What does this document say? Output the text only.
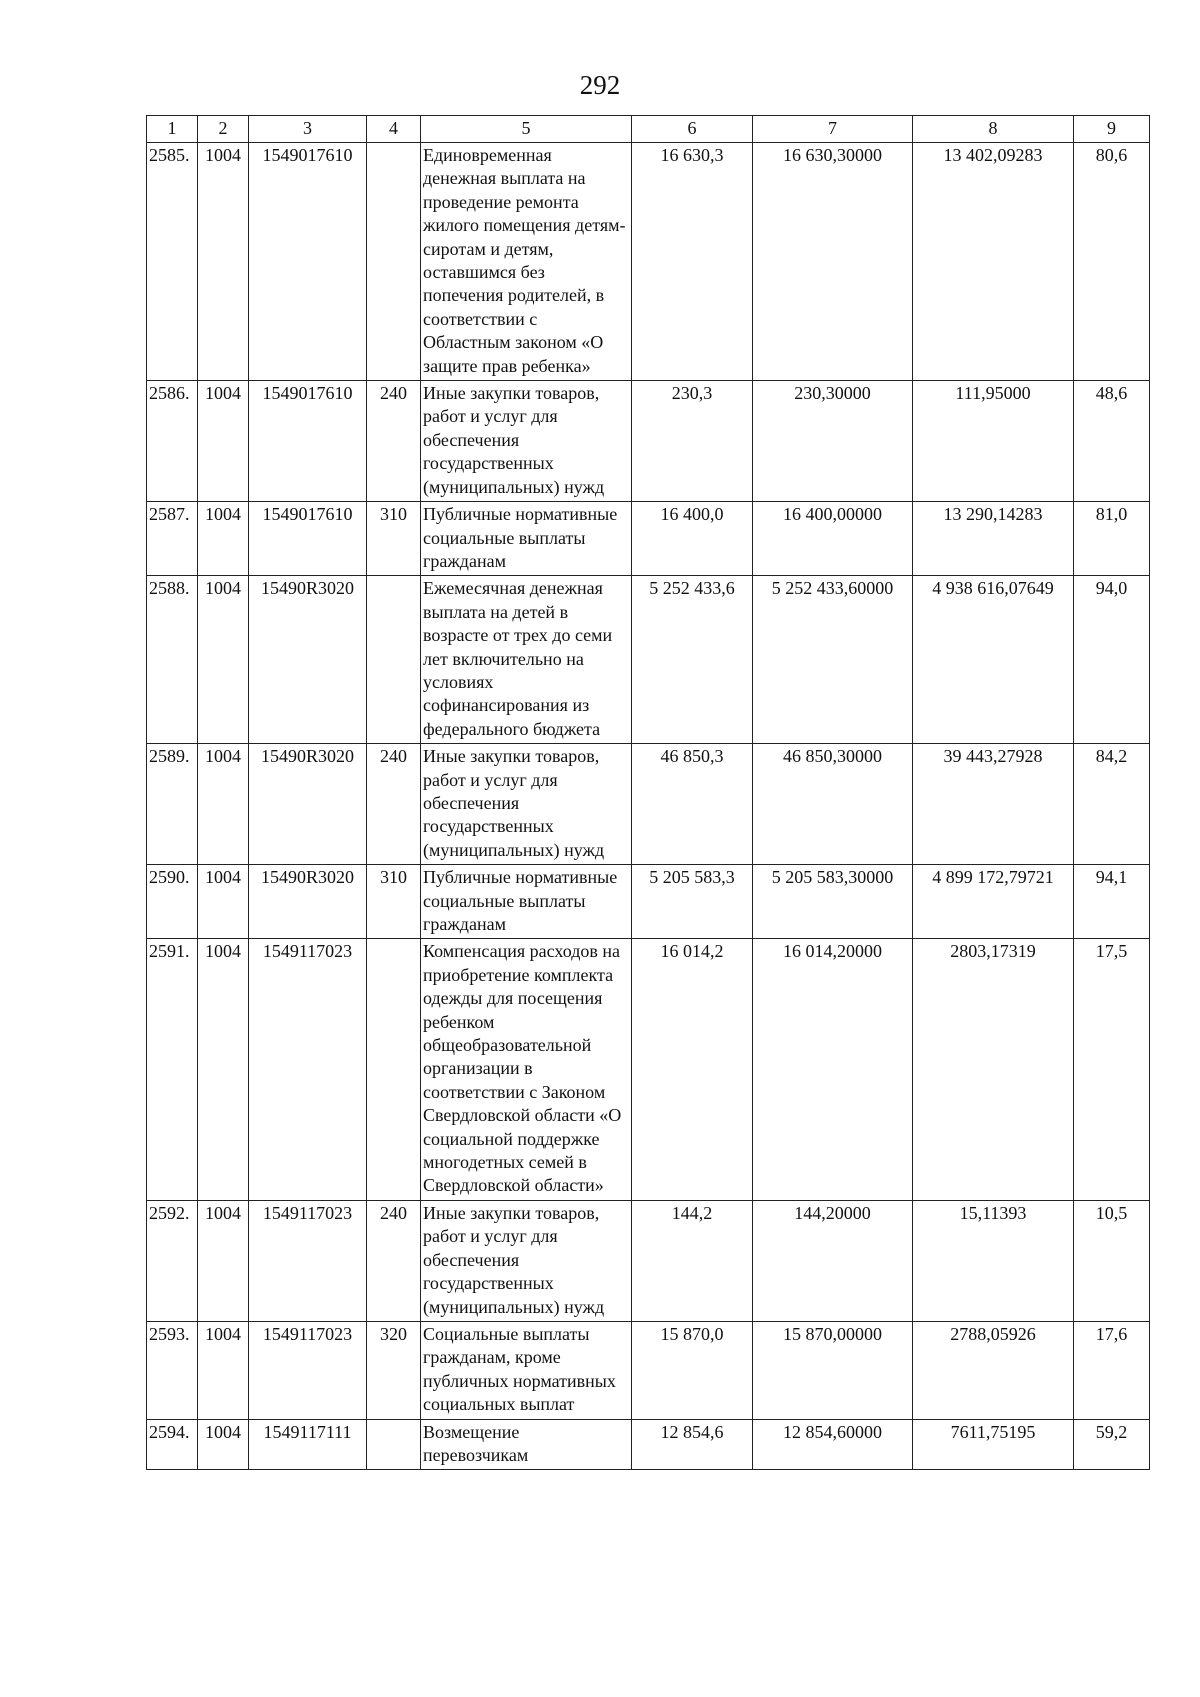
292
1	2	3	4	5	6	7	8	9
2585.	1004	1549017610		Единовременная денежная выплата на проведение ремонта жилого помещения детям-сиротам и детям, оставшимся без попечения родителей, в соответствии с Областным законом «О защите прав ребенка»	16 630,3	16 630,30000	13 402,09283	80,6
2586.	1004	1549017610	240	Иные закупки товаров, работ и услуг для обеспечения государственных (муниципальных) нужд	230,3	230,30000	111,95000	48,6
2587.	1004	1549017610	310	Публичные нормативные социальные выплаты гражданам	16 400,0	16 400,00000	13 290,14283	81,0
2588.	1004	15490R3020		Ежемесячная денежная выплата на детей в возрасте от трех до семи лет включительно на условиях софинансирования из федерального бюджета	5 252 433,6	5 252 433,60000	4 938 616,07649	94,0
2589.	1004	15490R3020	240	Иные закупки товаров, работ и услуг для обеспечения государственных (муниципальных) нужд	46 850,3	46 850,30000	39 443,27928	84,2
2590.	1004	15490R3020	310	Публичные нормативные социальные выплаты гражданам	5 205 583,3	5 205 583,30000	4 899 172,79721	94,1
2591.	1004	1549117023		Компенсация расходов на приобретение комплекта одежды для посещения ребенком общеобразовательной организации в соответствии с Законом Свердловской области «О социальной поддержке многодетных семей в Свердловской области»	16 014,2	16 014,20000	2803,17319	17,5
2592.	1004	1549117023	240	Иные закупки товаров, работ и услуг для обеспечения государственных (муниципальных) нужд	144,2	144,20000	15,11393	10,5
2593.	1004	1549117023	320	Социальные выплаты гражданам, кроме публичных нормативных социальных выплат	15 870,0	15 870,00000	2788,05926	17,6
2594.	1004	1549117111		Возмещение перевозчикам	12 854,6	12 854,60000	7611,75195	59,2
